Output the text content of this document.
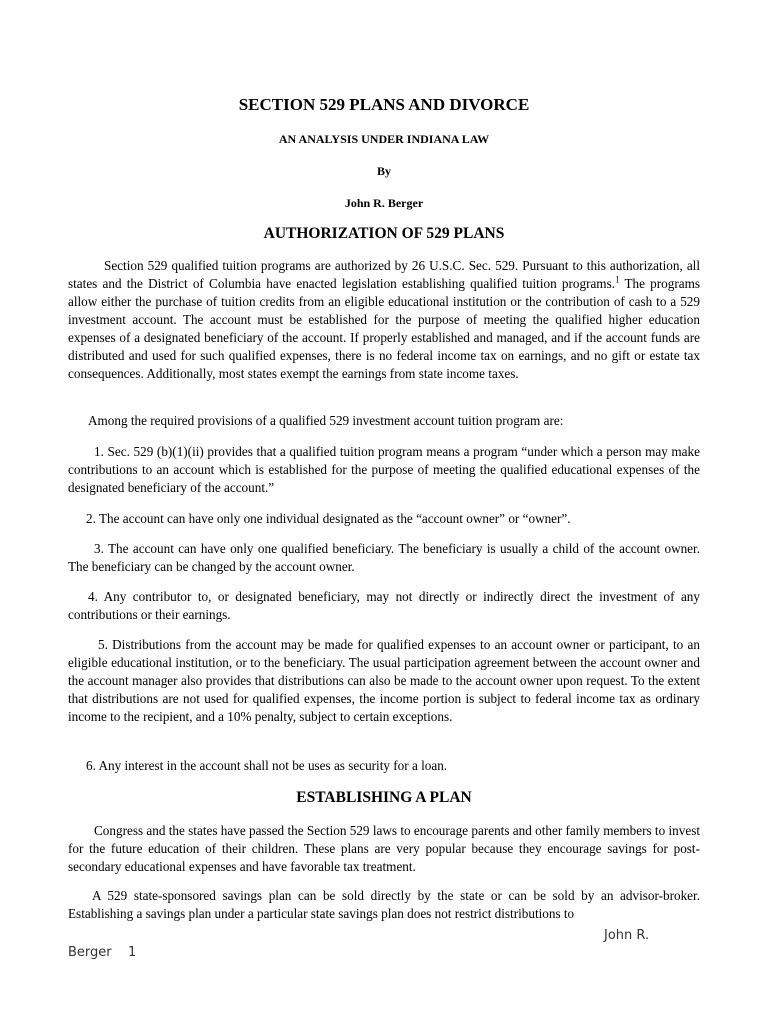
SECTION 529 PLANS AND DIVORCE
AN ANALYSIS UNDER INDIANA LAW
By
John R. Berger
AUTHORIZATION OF 529 PLANS

Section 529 qualified tuition programs are authorized by 26 U.S.C. Sec. 529. Pursuant to this authorization, all states and the District of Columbia have enacted legislation establishing qualified tuition programs.$^1$ The programs allow either the purchase of tuition credits from an eligible educational institution or the contribution of cash to a 529 investment account. The account must be established for the purpose of meeting the qualified higher education expenses of a designated beneficiary of the account. If properly established and managed, and if the account funds are distributed and used for such qualified expenses, there is no federal income tax on earnings, and no gift or estate tax consequences. Additionally, most states exempt the earnings from state income taxes.

Among the required provisions of a qualified 529 investment account tuition program are:

1. Sec. 529 (b)(1)(ii) provides that a qualified tuition program means a program “under which a person may make contributions to an account which is established for the purpose of meeting the qualified educational expenses of the designated beneficiary of the account.”

2. The account can have only one individual designated as the “account owner” or “owner”.

3. The account can have only one qualified beneficiary. The beneficiary is usually a child of the account owner. The beneficiary can be changed by the account owner.

4. Any contributor to, or designated beneficiary, may not directly or indirectly direct the investment of any contributions or their earnings.

5. Distributions from the account may be made for qualified expenses to an account owner or participant, to an eligible educational institution, or to the beneficiary. The usual participation agreement between the account owner and the account manager also provides that distributions can also be made to the account owner upon request. To the extent that distributions are not used for qualified expenses, the income portion is subject to federal income tax as ordinary income to the recipient, and a 10% penalty, subject to certain exceptions.

6. Any interest in the account shall not be uses as security for a loan.

ESTABLISHING A PLAN

Congress and the states have passed the Section 529 laws to encourage parents and other family members to invest for the future education of their children. These plans are very popular because they encourage savings for post-secondary educational expenses and have favorable tax treatment.

A 529 state-sponsored savings plan can be sold directly by the state or can be sold by an advisor-broker. Establishing a savings plan under a particular state savings plan does not restrict distributions to

John R.
Berger 1
